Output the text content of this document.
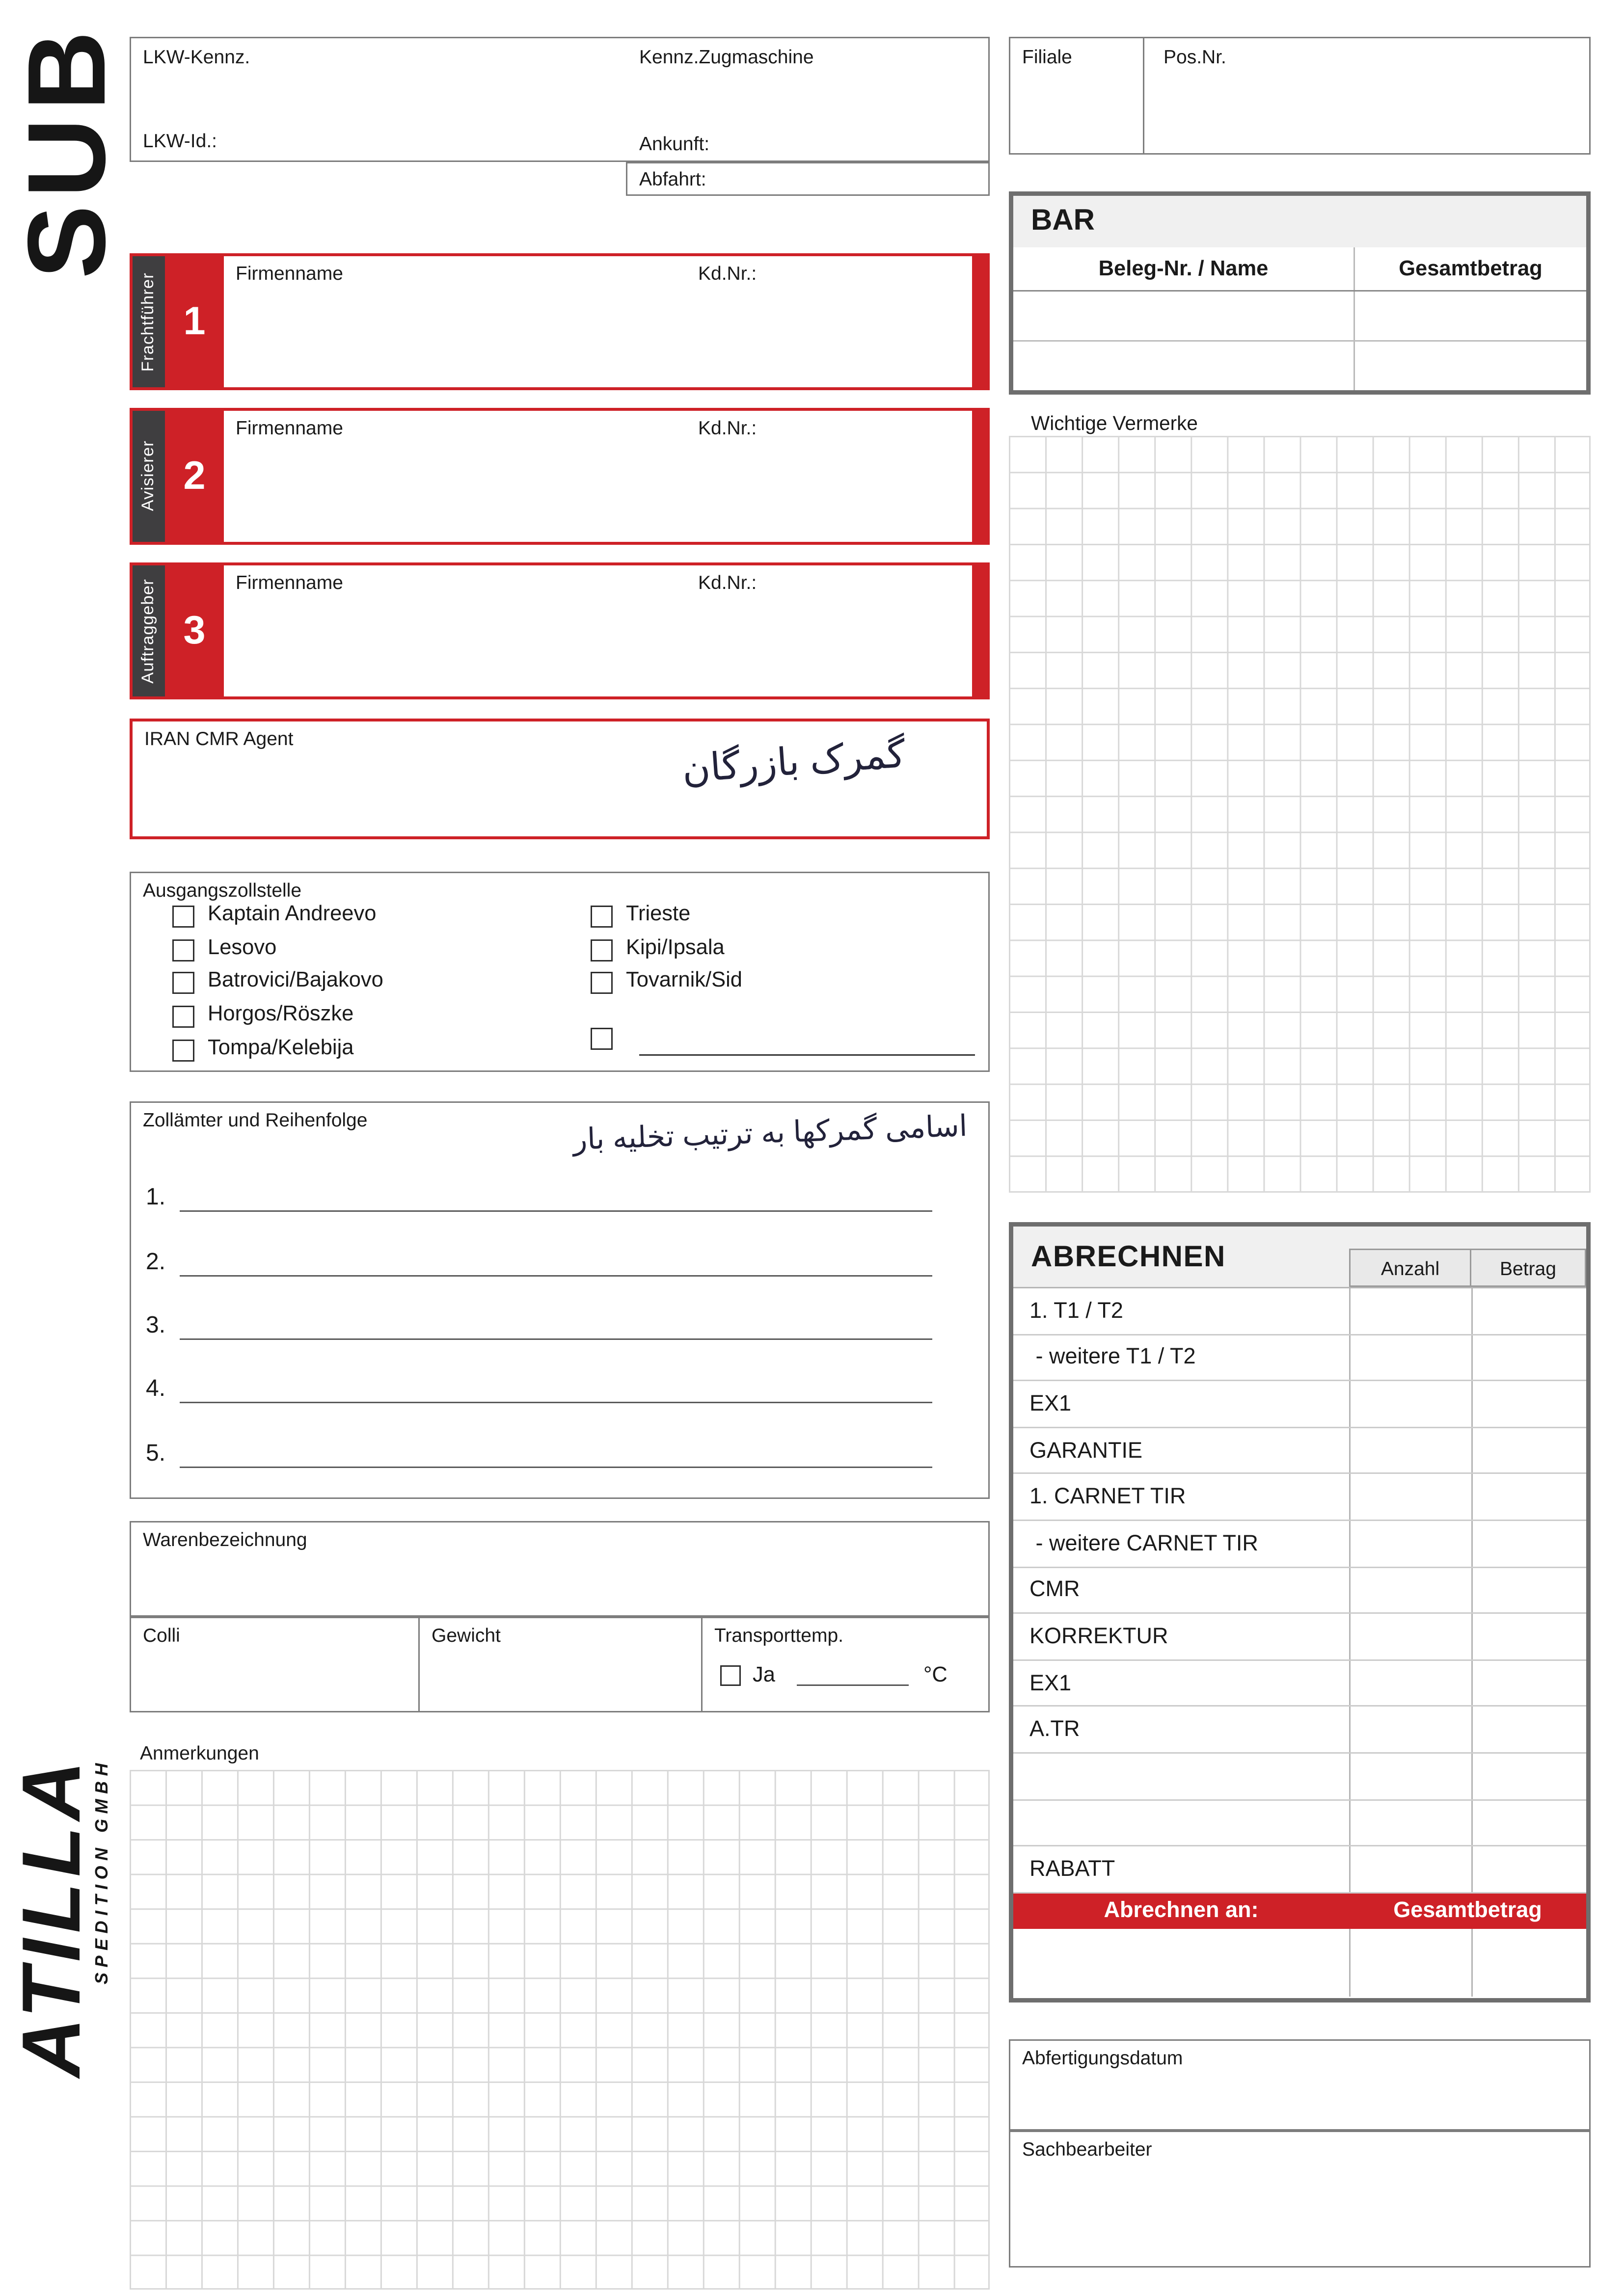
SUB
ATILLA
SPEDITION GMBH
LKW-Kennz.	Kennz.Zugmaschine
LKW-Id.:	Ankunft:
Abfahrt:
Filiale	Pos.Nr.
BAR
Beleg-Nr. / Name	Gesamtbetrag
Frachtführer	1
Firmenname	Kd.Nr.:
Avisierer	2
Firmenname	Kd.Nr.:
Auftraggeber	3
Firmenname	Kd.Nr.:
IRAN CMR Agent	گمرک بازرگان
Ausgangszollstelle
Kaptain Andreevo
Lesovo
Batrovici/Bajakovo
Horgos/Röszke
Tompa/Kelebija
Trieste
Kipi/Ipsala
Tovarnik/Sid
Zollämter und Reihenfolge	اسامی گمرکها به ترتیب تخلیه بار
1.
2.
3.
4.
5.
Warenbezeichnung
Colli	Gewicht	Transporttemp.
Ja	°C
Anmerkungen
Wichtige Vermerke
ABRECHNEN	Anzahl	Betrag
1. T1 / T2
- weitere T1 / T2
EX1
GARANTIE
1. CARNET TIR
- weitere CARNET TIR
CMR
KORREKTUR
EX1
A.TR
RABATT
Abrechnen an:	Gesamtbetrag
Abfertigungsdatum
Sachbearbeiter
